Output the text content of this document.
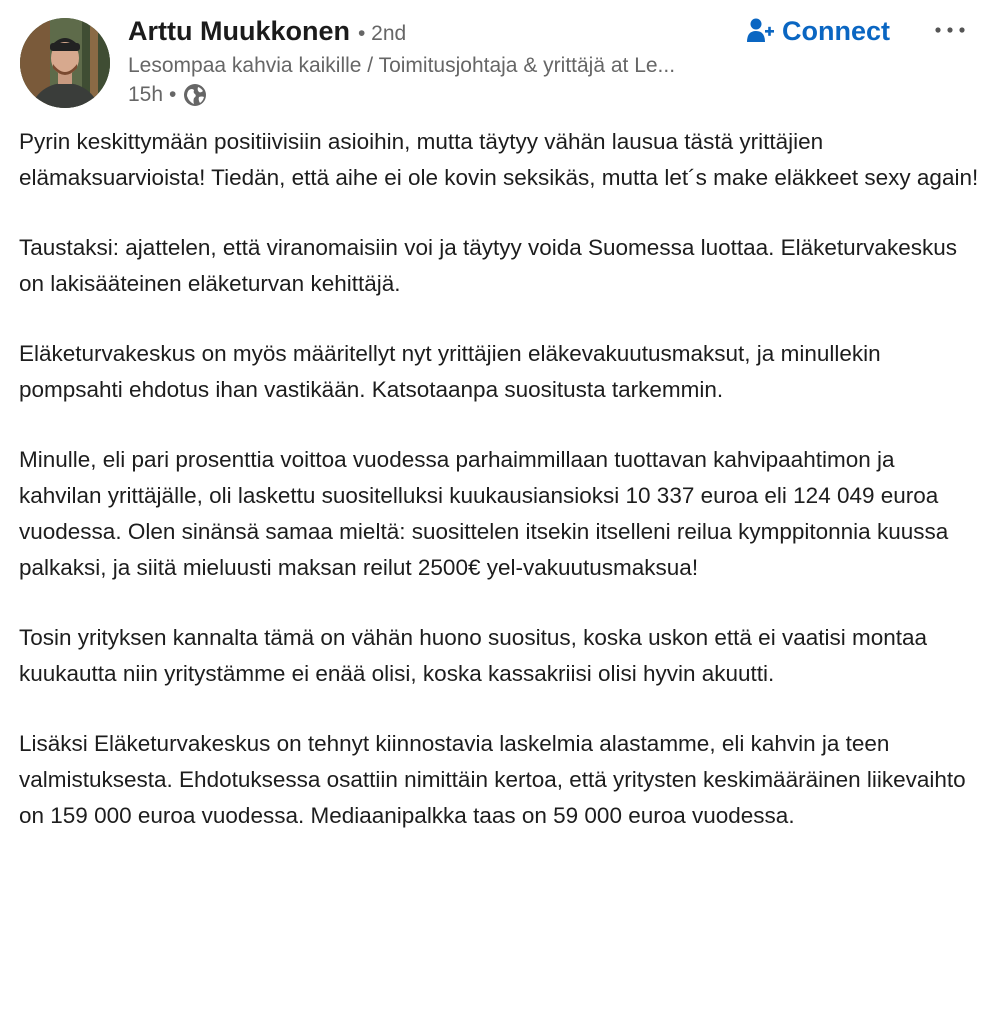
Arttu Muukkonen • 2nd
Lesompaa kahvia kaikille / Toimitusjohtaja & yrittäjä at Le...
15h •
Connect

Pyrin keskittymään positiivisiin asioihin, mutta täytyy vähän lausua tästä yrittäjien elämaksuarvioista! Tiedän, että aihe ei ole kovin seksikäs, mutta let´s make eläkkeet sexy again!

Taustaksi: ajattelen, että viranomaisiin voi ja täytyy voida Suomessa luottaa. Eläketurvakeskus on lakisääteinen eläketurvan kehittäjä.

Eläketurvakeskus on myös määritellyt nyt yrittäjien eläkevakuutusmaksut, ja minullekin pompsahti ehdotus ihan vastikään. Katsotaanpa suositusta tarkemmin.

Minulle, eli pari prosenttia voittoa vuodessa parhaimmillaan tuottavan kahvipaahtimon ja kahvilan yrittäjälle, oli laskettu suositelluksi kuukausiansioksi 10 337 euroa eli 124 049 euroa vuodessa. Olen sinänsä samaa mieltä: suosittelen itsekin itselleni reilua kymppitonnia kuussa palkaksi, ja siitä mieluusti maksan reilut 2500€ yel-vakuutusmaksua!

Tosin yrityksen kannalta tämä on vähän huono suositus, koska uskon että ei vaatisi montaa kuukautta niin yritystämme ei enää olisi, koska kassakriisi olisi hyvin akuutti.

Lisäksi Eläketurvakeskus on tehnyt kiinnostavia laskelmia alastamme, eli kahvin ja teen valmistuksesta. Ehdotuksessa osattiin nimittäin kertoa, että yritysten keskimääräinen liikevaihto on 159 000 euroa vuodessa. Mediaanipalkka taas on 59 000 euroa vuodessa.
